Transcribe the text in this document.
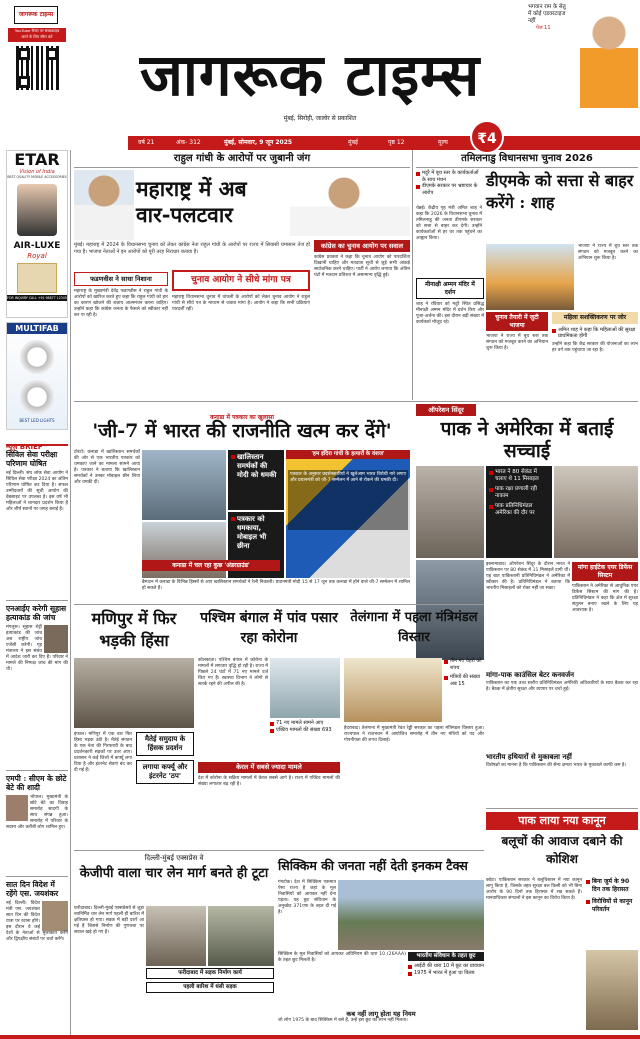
जागरूक टाइम्स
YouTube चैनल पर सब्सक्राइब
करने के लिए स्कैन करें
जागरूक टाइम्स
मुंबई, सिरोही, जालोर से प्रकाशित
भगवान राम के सेतु
में कोई एडवरटाइज
नहीं
पेज 11
वर्ष 21	अंक- 312	मुंबई, सोमवार, 9 जून 2025	मुंबई	पृष्ठ 12	मूल्य	₹4
ETAR
Vision of India
BEST QUALITY MOBILE ACCESSORIES
AIR-LUXE
Royal
FOR INQUIRY CALL +91 98877 12345
MULTIFAB
BEST LED LIGHTS
न्यूज़ BRIEF
सिविल सेवा परीक्षा परिणाम घोषित
नई दिल्ली। संघ लोक सेवा आयोग ने सिविल सेवा परीक्षा 2024 का अंतिम परिणाम घोषित कर दिया है। सफल उम्मीदवारों की सूची आयोग की वेबसाइट पर उपलब्ध है। इस वर्ष भी महिलाओं ने शानदार प्रदर्शन किया है और शीर्ष स्थानों पर जगह बनाई है।
एनआईए करेगी सूहास हत्याकांड की जांच
मंगलुरू। सूहास शेट्टी हत्याकांड की जांच अब राष्ट्रीय जांच एजेंसी करेगी। गृह मंत्रालय ने इस संबंध में आदेश जारी कर दिए हैं। परिवार ने मामले की निष्पक्ष जांच की मांग की थी।
एमपी : सीएम के छोटे बेटे की शादी
भोपाल। मुख्यमंत्री के छोटे बेटे का विवाह समारोह सादगी के साथ संपन्न हुआ। समारोह में परिवार के सदस्य और करीबी लोग शामिल हुए।
सात दिन विदेश में रहेंगे एस. जयशंकर
नई दिल्ली। विदेश मंत्री एस. जयशंकर सात दिन की विदेश यात्रा पर रवाना होंगे। इस दौरान वे कई देशों के नेताओं से मुलाकात करेंगे और द्विपक्षीय संबंधों पर चर्चा करेंगे।
राहुल गांधी के आरोपों पर जुबानी जंग
महाराष्ट्र में अब
वार-पलटवार
मुंबई। महाराष्ट्र में 2024 के विधानसभा चुनाव को लेकर कांग्रेस नेता राहुल गांधी के आरोपों पर राज्य में सियासी घमासान तेज हो गया है। भाजपा नेताओं ने इन आरोपों को पूरी तरह निराधार बताया है।
कांग्रेस का चुनाव आयोग पर सवाल
कांग्रेस प्रवक्ता ने कहा कि चुनाव आयोग को पारदर्शिता दिखानी चाहिए और मतदाता सूची से जुड़े सभी आंकड़े सार्वजनिक करने चाहिए। पार्टी ने आरोप लगाया कि अंतिम घंटों में मतदान प्रतिशत में असामान्य वृद्धि हुई।
फडणवीस ने साधा निशाना
महाराष्ट्र के मुख्यमंत्री देवेंद्र फडणवीस ने राहुल गांधी के आरोपों को खारिज करते हुए कहा कि राहुल गांधी को हार का कारण खोजने की बजाय आत्ममंथन करना चाहिए। उन्होंने कहा कि कांग्रेस जनता के फैसले को स्वीकार नहीं कर पा रही है।
चुनाव आयोग ने सीधे मांगा पत्र
महाराष्ट्र विधानसभा चुनाव में धांधली के आरोपों को लेकर चुनाव आयोग ने राहुल गांधी से सीधे पत्र के माध्यम से जवाब मांगा है। आयोग ने कहा कि सभी प्रक्रियाएं पारदर्शी रहीं।
तमिलनाडु विधानसभा चुनाव 2026
मदुरै में बूथ स्तर के कार्यकर्ताओं के साथ मंथन
डीएमके सरकार पर भ्रष्टाचार के आरोप
डीएमके को सत्ता से बाहर करेंगे : शाह
चेन्नई। केंद्रीय गृह मंत्री अमित शाह ने कहा कि 2026 के विधानसभा चुनाव में तमिलनाडु की जनता डीएमके सरकार को सत्ता से बाहर कर देगी। उन्होंने कार्यकर्ताओं से हर घर तक पहुंचने का आह्वान किया।
भाजपा ने राज्य में बूथ स्तर तक संगठन को मजबूत करने का अभियान शुरू किया है।
मीनाक्षी अम्मन मंदिर में दर्शन
शाह ने रविवार को मदुरै स्थित प्रसिद्ध मीनाक्षी अम्मन मंदिर में दर्शन किए और पूजा-अर्चना की। इस दौरान बड़ी संख्या में कार्यकर्ता मौजूद रहे।
चुनाव तैयारी में जुटी भाजपा
भाजपा ने राज्य में बूथ स्तर तक संगठन को मजबूत करने का अभियान शुरू किया है।
महिला सशक्तिकरण पर जोर
अमित शाह ने कहा कि महिलाओं की सुरक्षा प्राथमिकता होगी
उन्होंने कहा कि केंद्र सरकार की योजनाओं का लाभ हर वर्ग तक पहुंचाया जा रहा है।
कनाडा में पत्रकार का खुलासा
'जी-7 में भारत की राजनीति खत्म कर देंगे'
टोरंटो। कनाडा में खालिस्तान समर्थकों की ओर से एक भारतीय पत्रकार को धमकाए जाने का मामला सामने आया है। पत्रकार ने बताया कि खालिस्तान समर्थकों ने उनका मोबाइल छीन लिया और धमकी दी।
खालिस्तान समर्थकों की मोदी को धमकी
पत्रकार को धमकाया, मोबाइल भी छीना
'हम इंदिरा गांधी के हत्यारों के वंशज'
ब्रैम्पटन में कनाडा के विभिन्न हिस्सों से आए खालिस्तान समर्थकों ने रैली निकाली। प्रधानमंत्री मोदी 15 से 17 जून तक कनाडा में होने वाले जी-7 सम्मेलन में शामिल हो सकते हैं।
कनाडा में चल रहा कुछ 'अंडरग्राउंड'
पत्रकार के अनुसार प्रदर्शनकारियों ने खुलेआम भारत विरोधी नारे लगाए और प्रधानमंत्री को जी-7 सम्मेलन में आने से रोकने की धमकी दी।
ऑपरेशन सिंदूर
पाक ने अमेरिका में बताई सच्चाई
भारत ने 80 सेकंड में चलाए थे 11 मिसाइल
पाक रक्षा प्रणाली रही नाकाम
पाक प्रतिनिधिमंडल अमेरिका की दौर पर
इस्लामाबाद। ऑपरेशन सिंदूर के दौरान भारत ने पाकिस्तान पर 80 सेकंड में 11 मिसाइलें दागी थीं। यह बात पाकिस्तानी प्रतिनिधिमंडल ने अमेरिका में स्वीकार की है। प्रतिनिधिमंडल ने बताया कि भारतीय मिसाइलों को रोका नहीं जा सका।
मांगा हाईटेक एयर डिफेंस सिस्टम
पाकिस्तान ने अमेरिका से आधुनिक एयर डिफेंस सिस्टम की मांग की है। प्रतिनिधिमंडल ने कहा कि क्षेत्र में सुरक्षा संतुलन बनाए रखने के लिए यह आवश्यक है।
मांगा-पाक काउंसिल बेटर कनवर्जन
पाकिस्तान का एक उच्च स्तरीय प्रतिनिधिमंडल अमेरिकी अधिकारियों के साथ बैठक कर रहा है। बैठक में क्षेत्रीय सुरक्षा और व्यापार पर चर्चा हुई।
भारतीय हथियारों से मुकाबला नहीं
विशेषज्ञों का मानना है कि पाकिस्तान की सैन्य क्षमता भारत के मुकाबले काफी कम है।
मणिपुर में फिर भड़की हिंसा
इंफाल। मणिपुर में एक बार फिर हिंसा भड़क उठी है। मैतेई संगठन के एक नेता की गिरफ्तारी के बाद प्रदर्शनकारी सड़कों पर उतर आए। प्रशासन ने कई जिलों में कर्फ्यू लगा दिया है और इंटरनेट सेवाएं बंद कर दी गई हैं।
मैतेई समुदाय के हिंसक प्रदर्शन
लगाया कर्फ्यू और इंटरनेट 'ठप'
पश्चिम बंगाल में पांव पसार रहा कोरोना
कोलकाता। पश्चिम बंगाल में कोरोना के मामलों में लगातार वृद्धि हो रही है। राज्य में पिछले 24 घंटों में 71 नए मामले दर्ज किए गए हैं। स्वास्थ्य विभाग ने लोगों से सतर्क रहने की अपील की है।
71 नए मामले सामने आए
एक्टिव मामलों की संख्या 693
केरल में सबसे ज्यादा मामले
देश में कोरोना के सक्रिय मामलों में केरल सबसे आगे है। राज्य में एक्टिव मामलों की संख्या लगातार बढ़ रही है।
तेलंगाना में पहला मंत्रिमंडल विस्तार
तीन नए चेहरों को शपथ
मंत्रियों की संख्या अब 15
हैदराबाद। तेलंगाना में मुख्यमंत्री रेवंत रेड्डी सरकार का पहला मंत्रिमंडल विस्तार हुआ। राज्यपाल ने राजभवन में आयोजित समारोह में तीन नए मंत्रियों को पद और गोपनीयता की शपथ दिलाई।
दिल्ली-मुंबई एक्सप्रेस वे
केजीपी वाला चार लेन मार्ग बनते ही टूटा
फरीदाबाद। दिल्ली-मुंबई एक्सप्रेसवे से जुड़ा नवनिर्मित चार लेन मार्ग पहली ही बारिश में क्षतिग्रस्त हो गया। सड़क में बड़ी दरारें आ गई हैं जिससे निर्माण की गुणवत्ता पर सवाल खड़े हो गए हैं।
फरीदाबाद में सड़क निर्माण कार्य
पहली बारिश में धंसी सड़क
सिक्किम की जनता नहीं देती इनकम टैक्स
गंगटोक। देश में सिक्किम एकमात्र ऐसा राज्य है जहां के मूल निवासियों को आयकर नहीं देना पड़ता। यह छूट संविधान के अनुच्छेद 371एफ के तहत दी गई है।
सिक्किम के मूल निवासियों को आयकर अधिनियम की धारा 10 (26AAA) के तहत छूट मिलती है।
भारतीय संविधान के तहत छूट
आईटी की धारा 10 में छूट का प्रावधान
1975 में भारत में हुआ था विलय
कब नहीं लागू होता यह नियम
जो लोग 1975 के बाद सिक्किम में बसे हैं, उन्हें इस छूट का लाभ नहीं मिलता।
पाक लाया नया कानून
बलूचों की आवाज दबाने की कोशिश
क्वेटा। पाकिस्तान सरकार ने बलूचिस्तान में नया कानून लागू किया है, जिसके तहत सुरक्षा बल किसी को भी बिना आरोप के 90 दिनों तक हिरासत में रख सकते हैं। मानवाधिकार संगठनों ने इस कानून का विरोध किया है।
बिना जुर्म के 90 दिन तक हिरासत
विरोधियों से कानून परिवर्तन
